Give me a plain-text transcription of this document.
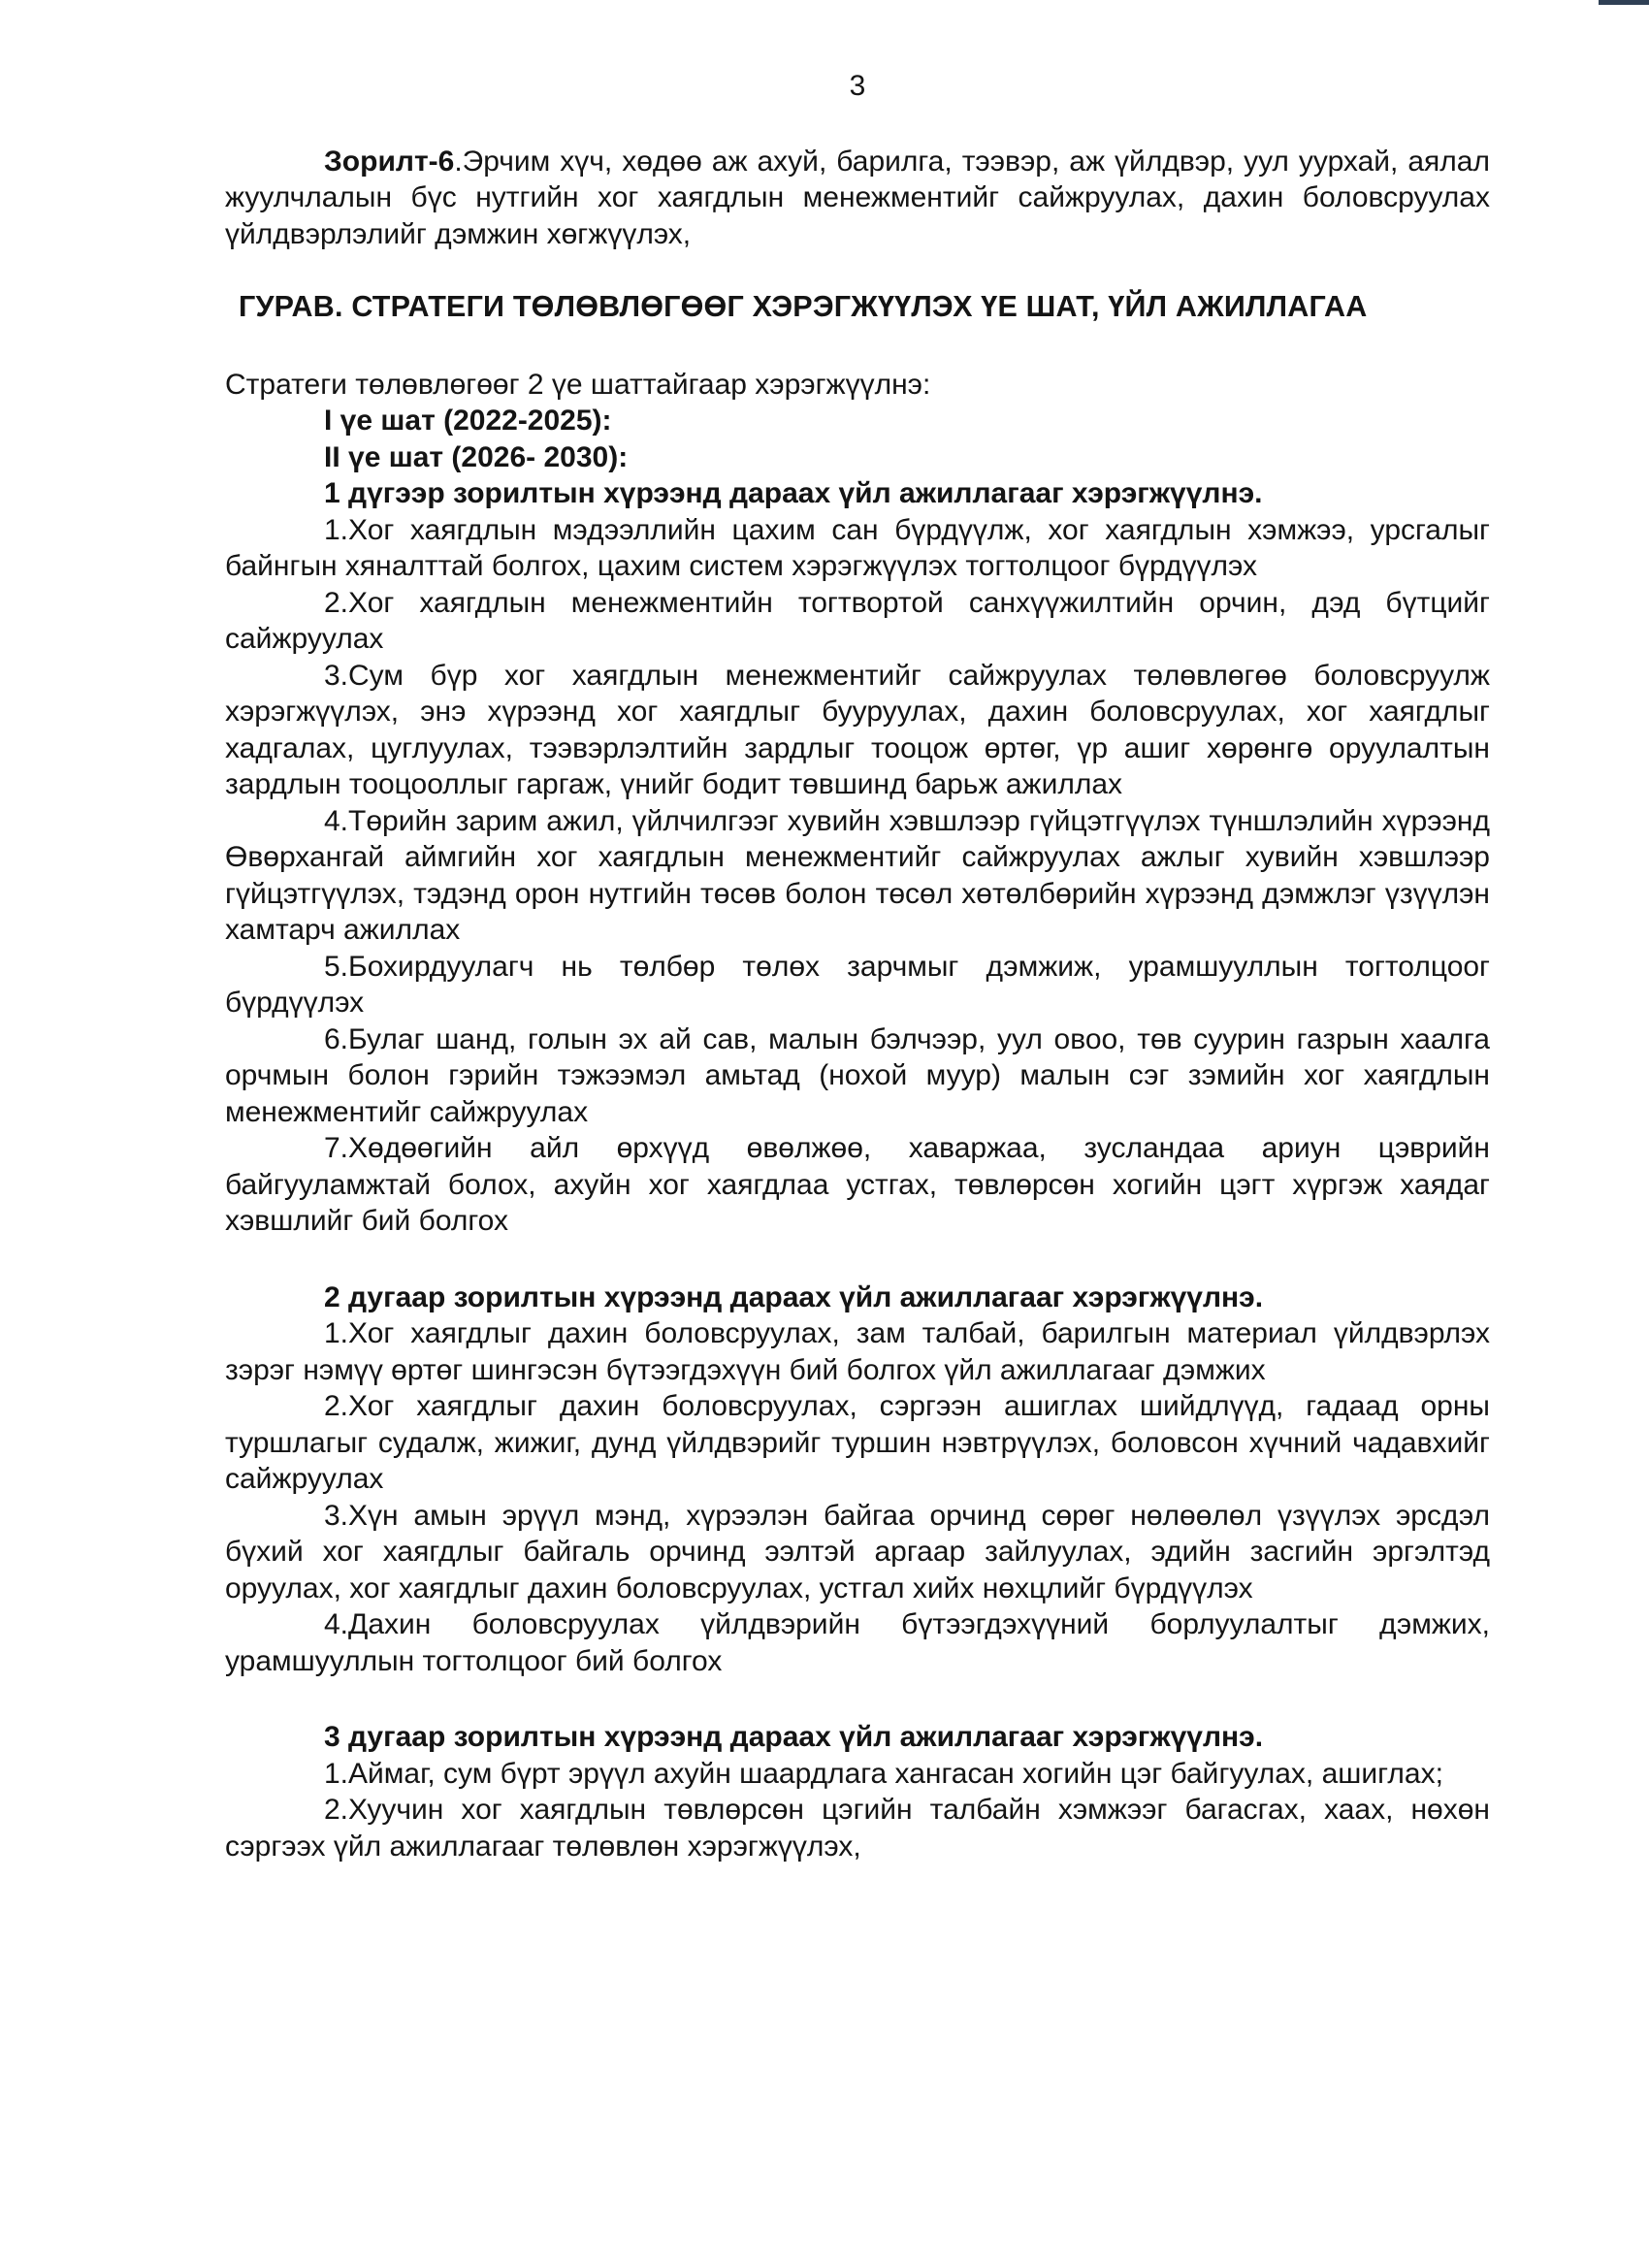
3

Зорилт-6.Эрчим хүч, хөдөө аж ахуй, барилга, тээвэр, аж үйлдвэр, уул уурхай, аялал жуулчлалын бүс нутгийн хог хаягдлын менежментийг сайжруулах, дахин боловсруулах үйлдвэрлэлийг дэмжин хөгжүүлэх,

ГУРАВ. СТРАТЕГИ ТӨЛӨВЛӨГӨӨГ ХЭРЭГЖҮҮЛЭХ ҮЕ ШАТ, ҮЙЛ АЖИЛЛАГАА

Стратеги төлөвлөгөөг 2 үе шаттайгаар хэрэгжүүлнэ:

I үе шат (2022-2025):

II үе шат (2026- 2030):

1 дүгээр зорилтын хүрээнд дараах үйл ажиллагааг хэрэгжүүлнэ.

1.Хог хаягдлын мэдээллийн цахим сан бүрдүүлж, хог хаягдлын хэмжээ, урсгалыг байнгын хяналттай болгох, цахим систем хэрэгжүүлэх тогтолцоог бүрдүүлэх

2.Хог хаягдлын менежментийн тогтвортой санхүүжилтийн орчин, дэд бүтцийг сайжруулах

3.Сум бүр хог хаягдлын менежментийг сайжруулах төлөвлөгөө боловсруулж хэрэгжүүлэх, энэ хүрээнд хог хаягдлыг бууруулах, дахин боловсруулах, хог хаягдлыг хадгалах, цуглуулах, тээвэрлэлтийн зардлыг тооцож өртөг, үр ашиг хөрөнгө оруулалтын зардлын тооцооллыг гаргаж, үнийг бодит төвшинд барьж ажиллах

4.Төрийн зарим ажил, үйлчилгээг хувийн хэвшлээр гүйцэтгүүлэх түншлэлийн хүрээнд Өвөрхангай аймгийн хог хаягдлын менежментийг сайжруулах ажлыг хувийн хэвшлээр гүйцэтгүүлэх, тэдэнд орон нутгийн төсөв болон төсөл хөтөлбөрийн хүрээнд дэмжлэг үзүүлэн хамтарч ажиллах

5.Бохирдуулагч нь төлбөр төлөх зарчмыг дэмжиж, урамшууллын тогтолцоог бүрдүүлэх

6.Булаг шанд, голын эх ай сав, малын бэлчээр, уул овоо, төв суурин газрын хаалга орчмын болон гэрийн тэжээмэл амьтад (нохой муур) малын сэг зэмийн хог хаягдлын менежментийг сайжруулах

7.Хөдөөгийн айл өрхүүд өвөлжөө, хаваржаа, зусландаа ариун цэврийн байгууламжтай болох, ахуйн хог хаягдлаа устгах, төвлөрсөн хогийн цэгт хүргэж хаядаг хэвшлийг бий болгох

2 дугаар зорилтын хүрээнд дараах үйл ажиллагааг хэрэгжүүлнэ.

1.Хог хаягдлыг дахин боловсруулах, зам талбай, барилгын материал үйлдвэрлэх зэрэг нэмүү өртөг шингэсэн бүтээгдэхүүн бий болгох үйл ажиллагааг дэмжих

2.Хог хаягдлыг дахин боловсруулах, сэргээн ашиглах шийдлүүд, гадаад орны туршлагыг судалж, жижиг, дунд үйлдвэрийг туршин нэвтрүүлэх, боловсон хүчний чадавхийг сайжруулах

3.Хүн амын эрүүл мэнд, хүрээлэн байгаа орчинд сөрөг нөлөөлөл үзүүлэх эрсдэл бүхий хог хаягдлыг байгаль орчинд ээлтэй аргаар зайлуулах, эдийн засгийн эргэлтэд оруулах, хог хаягдлыг дахин боловсруулах, устгал хийх нөхцлийг бүрдүүлэх

4.Дахин боловсруулах үйлдвэрийн бүтээгдэхүүний борлуулалтыг дэмжих, урамшууллын тогтолцоог бий болгох

3 дугаар зорилтын хүрээнд дараах үйл ажиллагааг хэрэгжүүлнэ.

1.Аймаг, сум бүрт эрүүл ахуйн шаардлага хангасан хогийн цэг байгуулах, ашиглах;

2.Хуучин хог хаягдлын төвлөрсөн цэгийн талбайн хэмжээг багасгах, хаах, нөхөн сэргээх үйл ажиллагааг төлөвлөн хэрэгжүүлэх,
